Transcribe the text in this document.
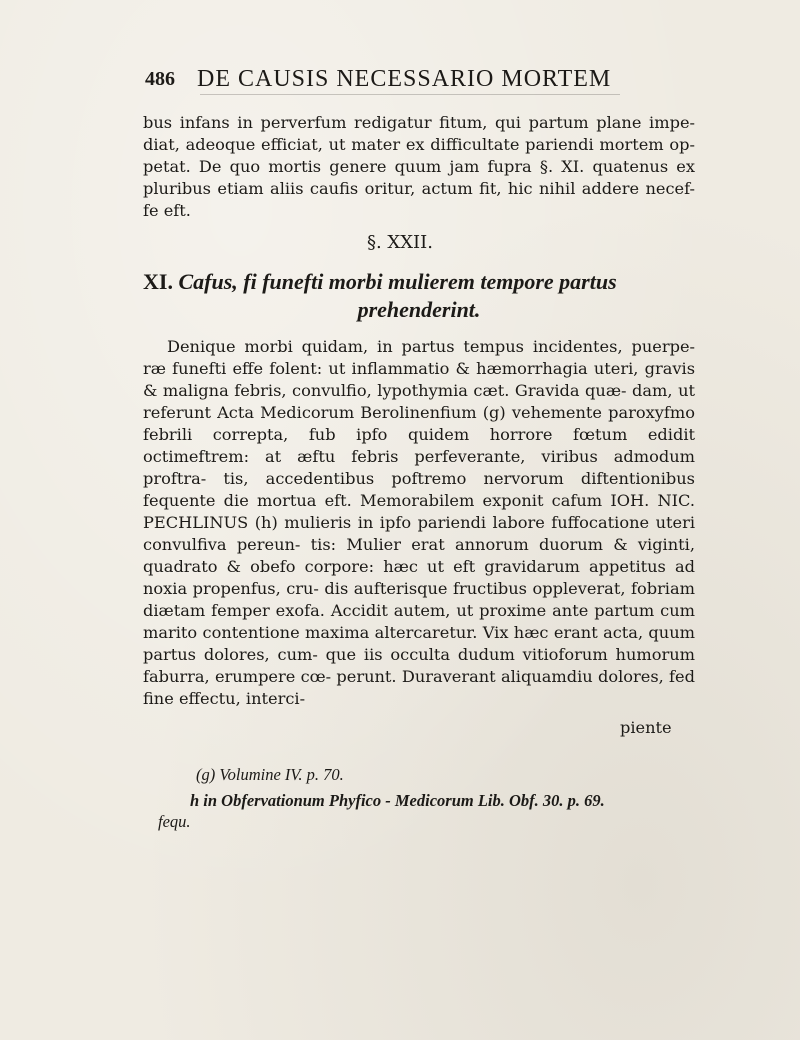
486 DE CAUSIS NECESSARIO MORTEM
bus infans in perverfum redigatur fitum, qui partum plane impe- diat, adeoque efficiat, ut mater ex difficultate pariendi mortem op- petat. De quo mortis genere quum jam fupra §. XI. quatenus ex pluribus etiam aliis caufis oritur, actum fit, hic nihil addere necef- fe eft.
§. XXII.
XI. Cafus, fi funefti morbi mulierem tempore partus
prehenderint.
Denique morbi quidam, in partus tempus incidentes, puerpe- ræ funefti effe folent: ut inflammatio & hæmorrhagia uteri, gravis & maligna febris, convulfio, lypothymia cæt. Gravida quæ- dam, ut referunt Acta Medicorum Berolinenfium (g) vehemente paroxyfmo febrili correpta, fub ipfo quidem horrore fœtum edidit octimeftrem: at æftu febris perfeverante, viribus admodum proftra- tis, accedentibus poftremo nervorum diftentionibus fequente die mortua eft. Memorabilem exponit cafum IOH. NIC. PECHLINUS (h) mulieris in ipfo pariendi labore fuffocatione uteri convulfiva pereun- tis: Mulier erat annorum duorum & viginti, quadrato & obefo corpore: hæc ut eft gravidarum appetitus ad noxia propenfus, cru- dis aufterisque fructibus oppleverat, fobriam diætam femper exofa. Accidit autem, ut proxime ante partum cum marito contentione maxima altercaretur. Vix hæc erant acta, quum partus dolores, cum- que iis occulta dudum vitioforum humorum faburra, erumpere cœ- perunt. Duraverant aliquamdiu dolores, fed fine effectu, interci-
piente
(g) Volumine IV. p. 70.
h in Obfervationum Phyfico - Medicorum Lib. Obf. 30. p. 69.
fequ.
